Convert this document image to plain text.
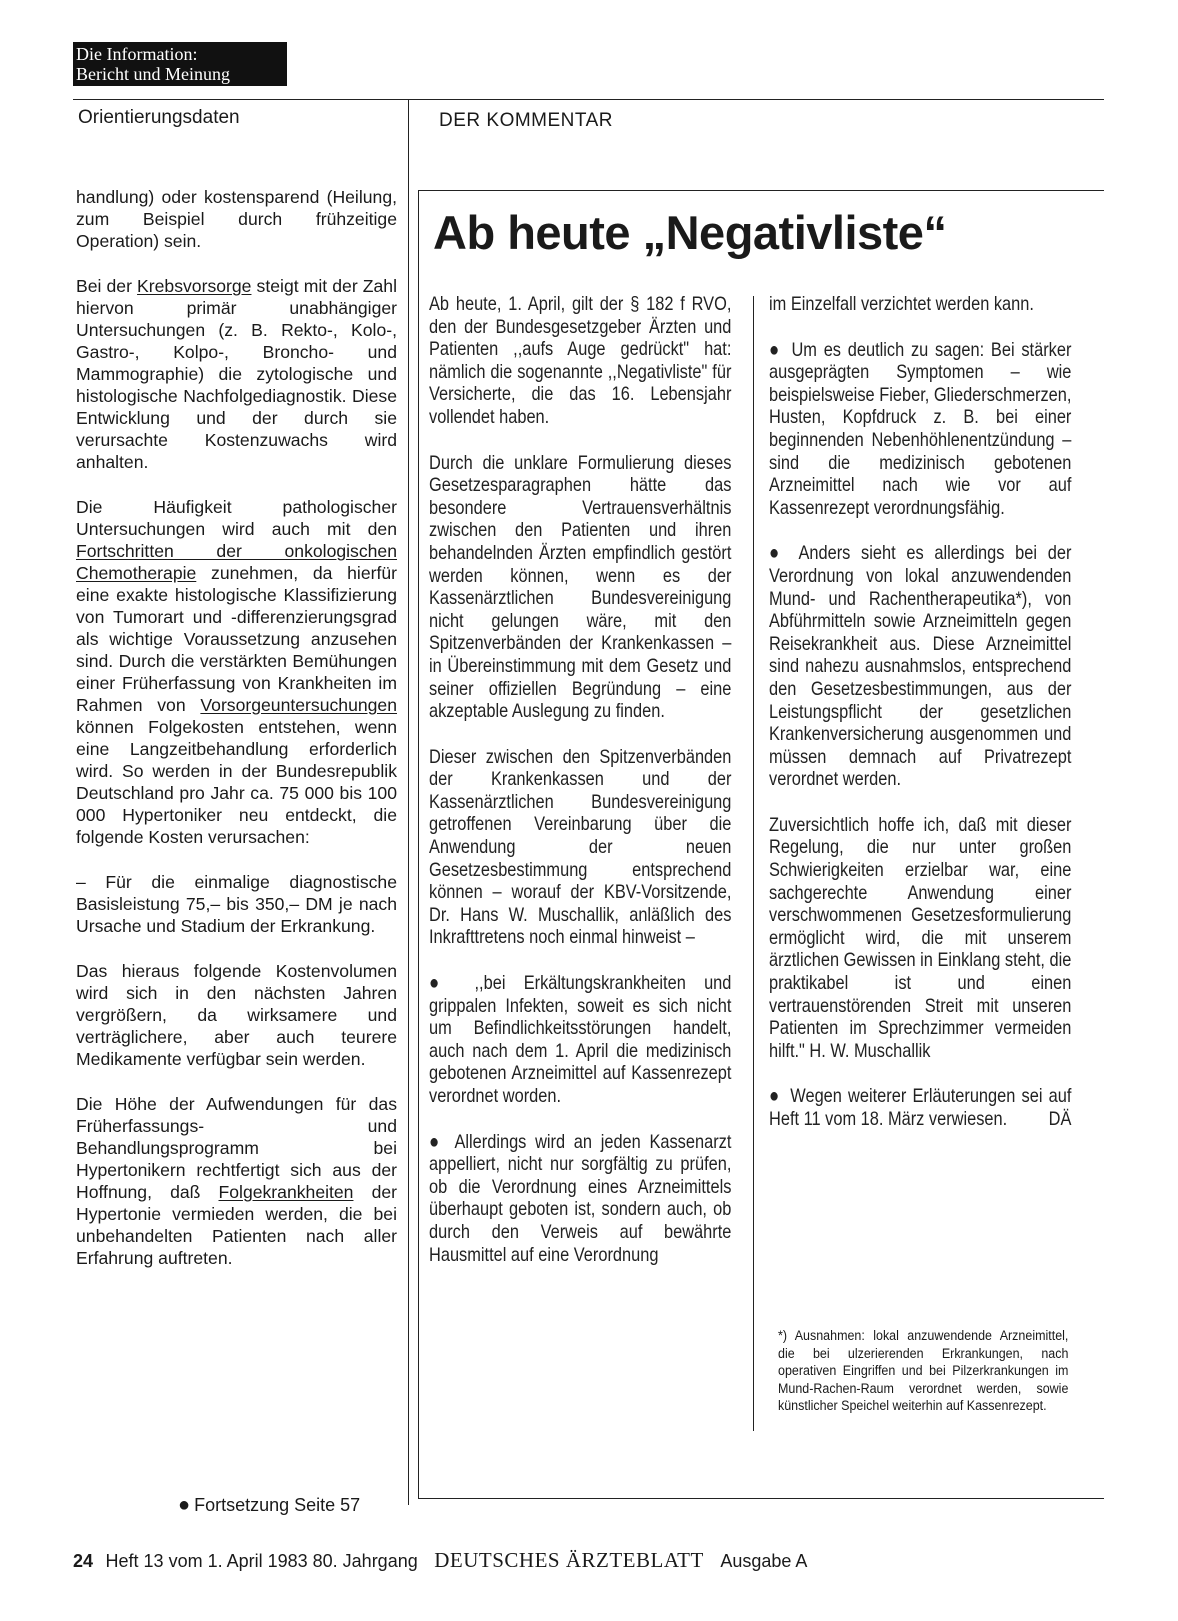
Die Information:
Bericht und Meinung
Orientierungsdaten	DER KOMMENTAR

handlung) oder kostensparend (Heilung, zum Beispiel durch frühzeitige Operation) sein.

Bei der Krebsvorsorge steigt mit der Zahl hiervon primär unabhängiger Untersuchungen (z. B. Rekto-, Kolo-, Gastro-, Kolpo-, Broncho- und Mammographie) die zytologische und histologische Nachfolgediagnostik. Diese Entwicklung und der durch sie verursachte Kostenzuwachs wird anhalten.

Die Häufigkeit pathologischer Untersuchungen wird auch mit den Fortschritten der onkologischen Chemotherapie zunehmen, da hierfür eine exakte histologische Klassifizierung von Tumorart und -differenzierungsgrad als wichtige Voraussetzung anzusehen sind. Durch die verstärkten Bemühungen einer Früherfassung von Krankheiten im Rahmen von Vorsorgeuntersuchungen können Folgekosten entstehen, wenn eine Langzeitbehandlung erforderlich wird. So werden in der Bundesrepublik Deutschland pro Jahr ca. 75 000 bis 100 000 Hypertoniker neu entdeckt, die folgende Kosten verursachen:

– Für die einmalige diagnostische Basisleistung 75,– bis 350,– DM je nach Ursache und Stadium der Erkrankung.

Das hieraus folgende Kostenvolumen wird sich in den nächsten Jahren vergrößern, da wirksamere und verträglichere, aber auch teurere Medikamente verfügbar sein werden.

Die Höhe der Aufwendungen für das Früherfassungs- und Behandlungsprogramm bei Hypertonikern rechtfertigt sich aus der Hoffnung, daß Folgekrankheiten der Hypertonie vermieden werden, die bei unbehandelten Patienten nach aller Erfahrung auftreten.

● Fortsetzung Seite 57
Ab heute „Negativliste“

Ab heute, 1. April, gilt der § 182 f RVO, den der Bundesgesetzgeber Ärzten und Patienten ,,aufs Auge gedrückt" hat: nämlich die sogenannte ,,Negativliste" für Versicherte, die das 16. Lebensjahr vollendet haben.

Durch die unklare Formulierung dieses Gesetzesparagraphen hätte das besondere Vertrauensverhältnis zwischen den Patienten und ihren behandelnden Ärzten empfindlich gestört werden können, wenn es der Kassenärztlichen Bundesvereinigung nicht gelungen wäre, mit den Spitzenverbänden der Krankenkassen – in Übereinstimmung mit dem Gesetz und seiner offiziellen Begründung – eine akzeptable Auslegung zu finden.

Dieser zwischen den Spitzenverbänden der Krankenkassen und der Kassenärztlichen Bundesvereinigung getroffenen Vereinbarung über die Anwendung der neuen Gesetzesbestimmung entsprechend können – worauf der KBV-Vorsitzende, Dr. Hans W. Muschallik, anläßlich des Inkrafttretens noch einmal hinweist –

● ,,bei Erkältungskrankheiten und grippalen Infekten, soweit es sich nicht um Befindlichkeitsstörungen handelt, auch nach dem 1. April die medizinisch gebotenen Arzneimittel auf Kassenrezept verordnet worden.

● Allerdings wird an jeden Kassenarzt appelliert, nicht nur sorgfältig zu prüfen, ob die Verordnung eines Arzneimittels überhaupt geboten ist, sondern auch, ob durch den Verweis auf bewährte Hausmittel auf eine Verordnung

im Einzelfall verzichtet werden kann.

● Um es deutlich zu sagen: Bei stärker ausgeprägten Symptomen – wie beispielsweise Fieber, Gliederschmerzen, Husten, Kopfdruck z. B. bei einer beginnenden Nebenhöhlenentzündung – sind die medizinisch gebotenen Arzneimittel nach wie vor auf Kassenrezept verordnungsfähig.

● Anders sieht es allerdings bei der Verordnung von lokal anzuwendenden Mund- und Rachentherapeutika*), von Abführmitteln sowie Arzneimitteln gegen Reisekrankheit aus. Diese Arzneimittel sind nahezu ausnahmslos, entsprechend den Gesetzesbestimmungen, aus der Leistungspflicht der gesetzlichen Krankenversicherung ausgenommen und müssen demnach auf Privatrezept verordnet werden.

Zuversichtlich hoffe ich, daß mit dieser Regelung, die nur unter großen Schwierigkeiten erzielbar war, eine sachgerechte Anwendung einer verschwommenen Gesetzesformulierung ermöglicht wird, die mit unserem ärztlichen Gewissen in Einklang steht, die praktikabel ist und einen vertrauenstörenden Streit mit unseren Patienten im Sprechzimmer vermeiden hilft." H. W. Muschallik

● Wegen weiterer Erläuterungen sei auf Heft 11 vom 18. März verwiesen. DÄ

*) Ausnahmen: lokal anzuwendende Arzneimittel, die bei ulzerierenden Erkrankungen, nach operativen Eingriffen und bei Pilzerkrankungen im Mund-Rachen-Raum verordnet werden, sowie künstlicher Speichel weiterhin auf Kassenrezept.
24 Heft 13 vom 1. April 1983 80. Jahrgang DEUTSCHES ÄRZTEBLATT Ausgabe A
